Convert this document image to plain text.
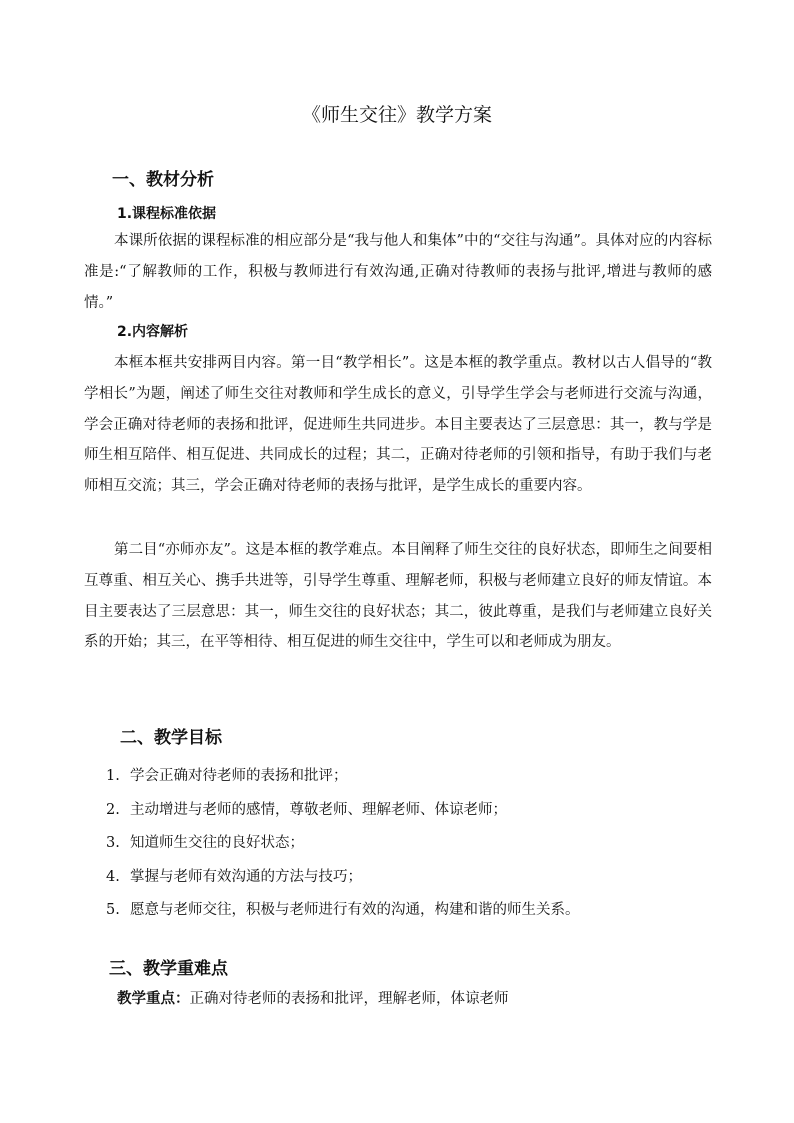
《师生交往》教学方案
一、教材分析
1.课程标准依据

本课所依据的课程标准的相应部分是“我与他人和集体”中的“交往与沟通”。具体对应的内容标准是:“了解教师的工作，积极与教师进行有效沟通,正确对待教师的表扬与批评,增进与教师的感情。”

2.内容解析

本框本框共安排两目内容。第一目“教学相长”。这是本框的教学重点。教材以古人倡导的“教学相长”为题，阐述了师生交往对教师和学生成长的意义，引导学生学会与老师进行交流与沟通，学会正确对待老师的表扬和批评，促进师生共同进步。本目主要表达了三层意思：其一，教与学是师生相互陪伴、相互促进、共同成长的过程；其二，正确对待老师的引领和指导，有助于我们与老师相互交流；其三，学会正确对待老师的表扬与批评，是学生成长的重要内容。

第二目“亦师亦友”。这是本框的教学难点。本目阐释了师生交往的良好状态，即师生之间要相互尊重、相互关心、携手共进等，引导学生尊重、理解老师，积极与老师建立良好的师友情谊。本目主要表达了三层意思：其一，师生交往的良好状态；其二，彼此尊重，是我们与老师建立良好关系的开始；其三，在平等相待、相互促进的师生交往中，学生可以和老师成为朋友。

二、教学目标
1. 学会正确对待老师的表扬和批评；
2. 主动增进与老师的感情，尊敬老师、理解老师、体谅老师；
3. 知道师生交往的良好状态；
4. 掌握与老师有效沟通的方法与技巧；
5. 愿意与老师交往，积极与老师进行有效的沟通，构建和谐的师生关系。
三、教学重难点
教学重点：正确对待老师的表扬和批评，理解老师，体谅老师
